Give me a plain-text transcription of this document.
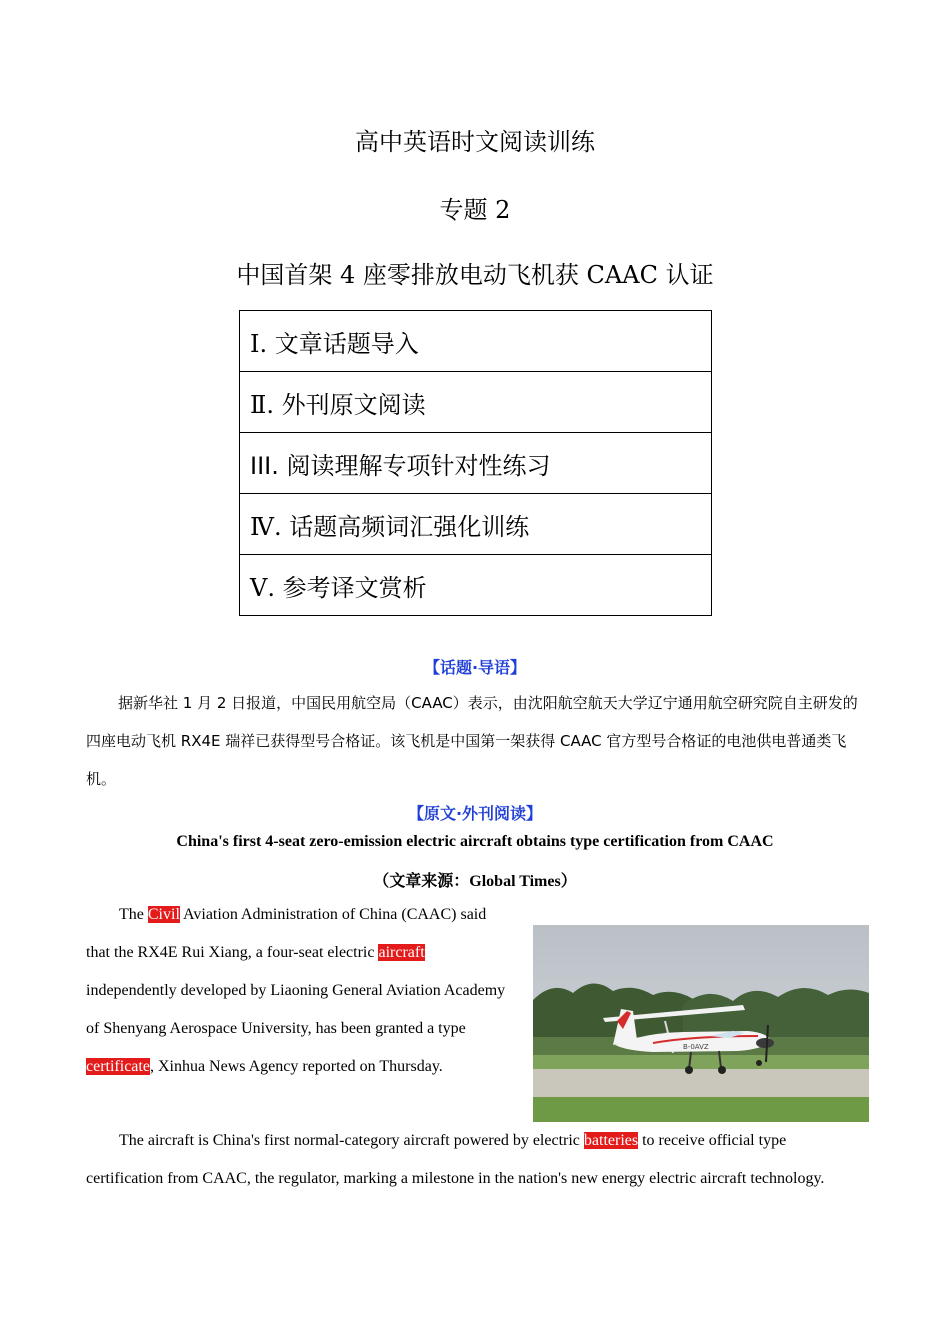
高中英语时文阅读训练
专题 2
中国首架 4 座零排放电动飞机获 CAAC 认证
Ⅰ. 文章话题导入
Ⅱ. 外刊原文阅读
III. 阅读理解专项针对性练习
Ⅳ. 话题高频词汇强化训练
Ⅴ. 参考译文赏析
【话题·导语】
据新华社 1 月 2 日报道，中国民用航空局（CAAC）表示，由沈阳航空航天大学辽宁通用航空研究院自主研发的四座电动飞机 RX4E 瑞祥已获得型号合格证。该飞机是中国第一架获得 CAAC 官方型号合格证的电池供电普通类飞机。
【原文·外刊阅读】
China's first 4-seat zero-emission electric aircraft obtains type certification from CAAC
（文章来源：Global Times）

The Civil Aviation Administration of China (CAAC) said that the RX4E Rui Xiang, a four-seat electric aircraft independently developed by Liaoning General Aviation Academy of Shenyang Aerospace University, has been granted a type certificate, Xinhua News Agency reported on Thursday.

B-0AVZ

The aircraft is China's first normal-category aircraft powered by electric batteries to receive official type certification from CAAC, the regulator, marking a milestone in the nation's new energy electric aircraft technology.
